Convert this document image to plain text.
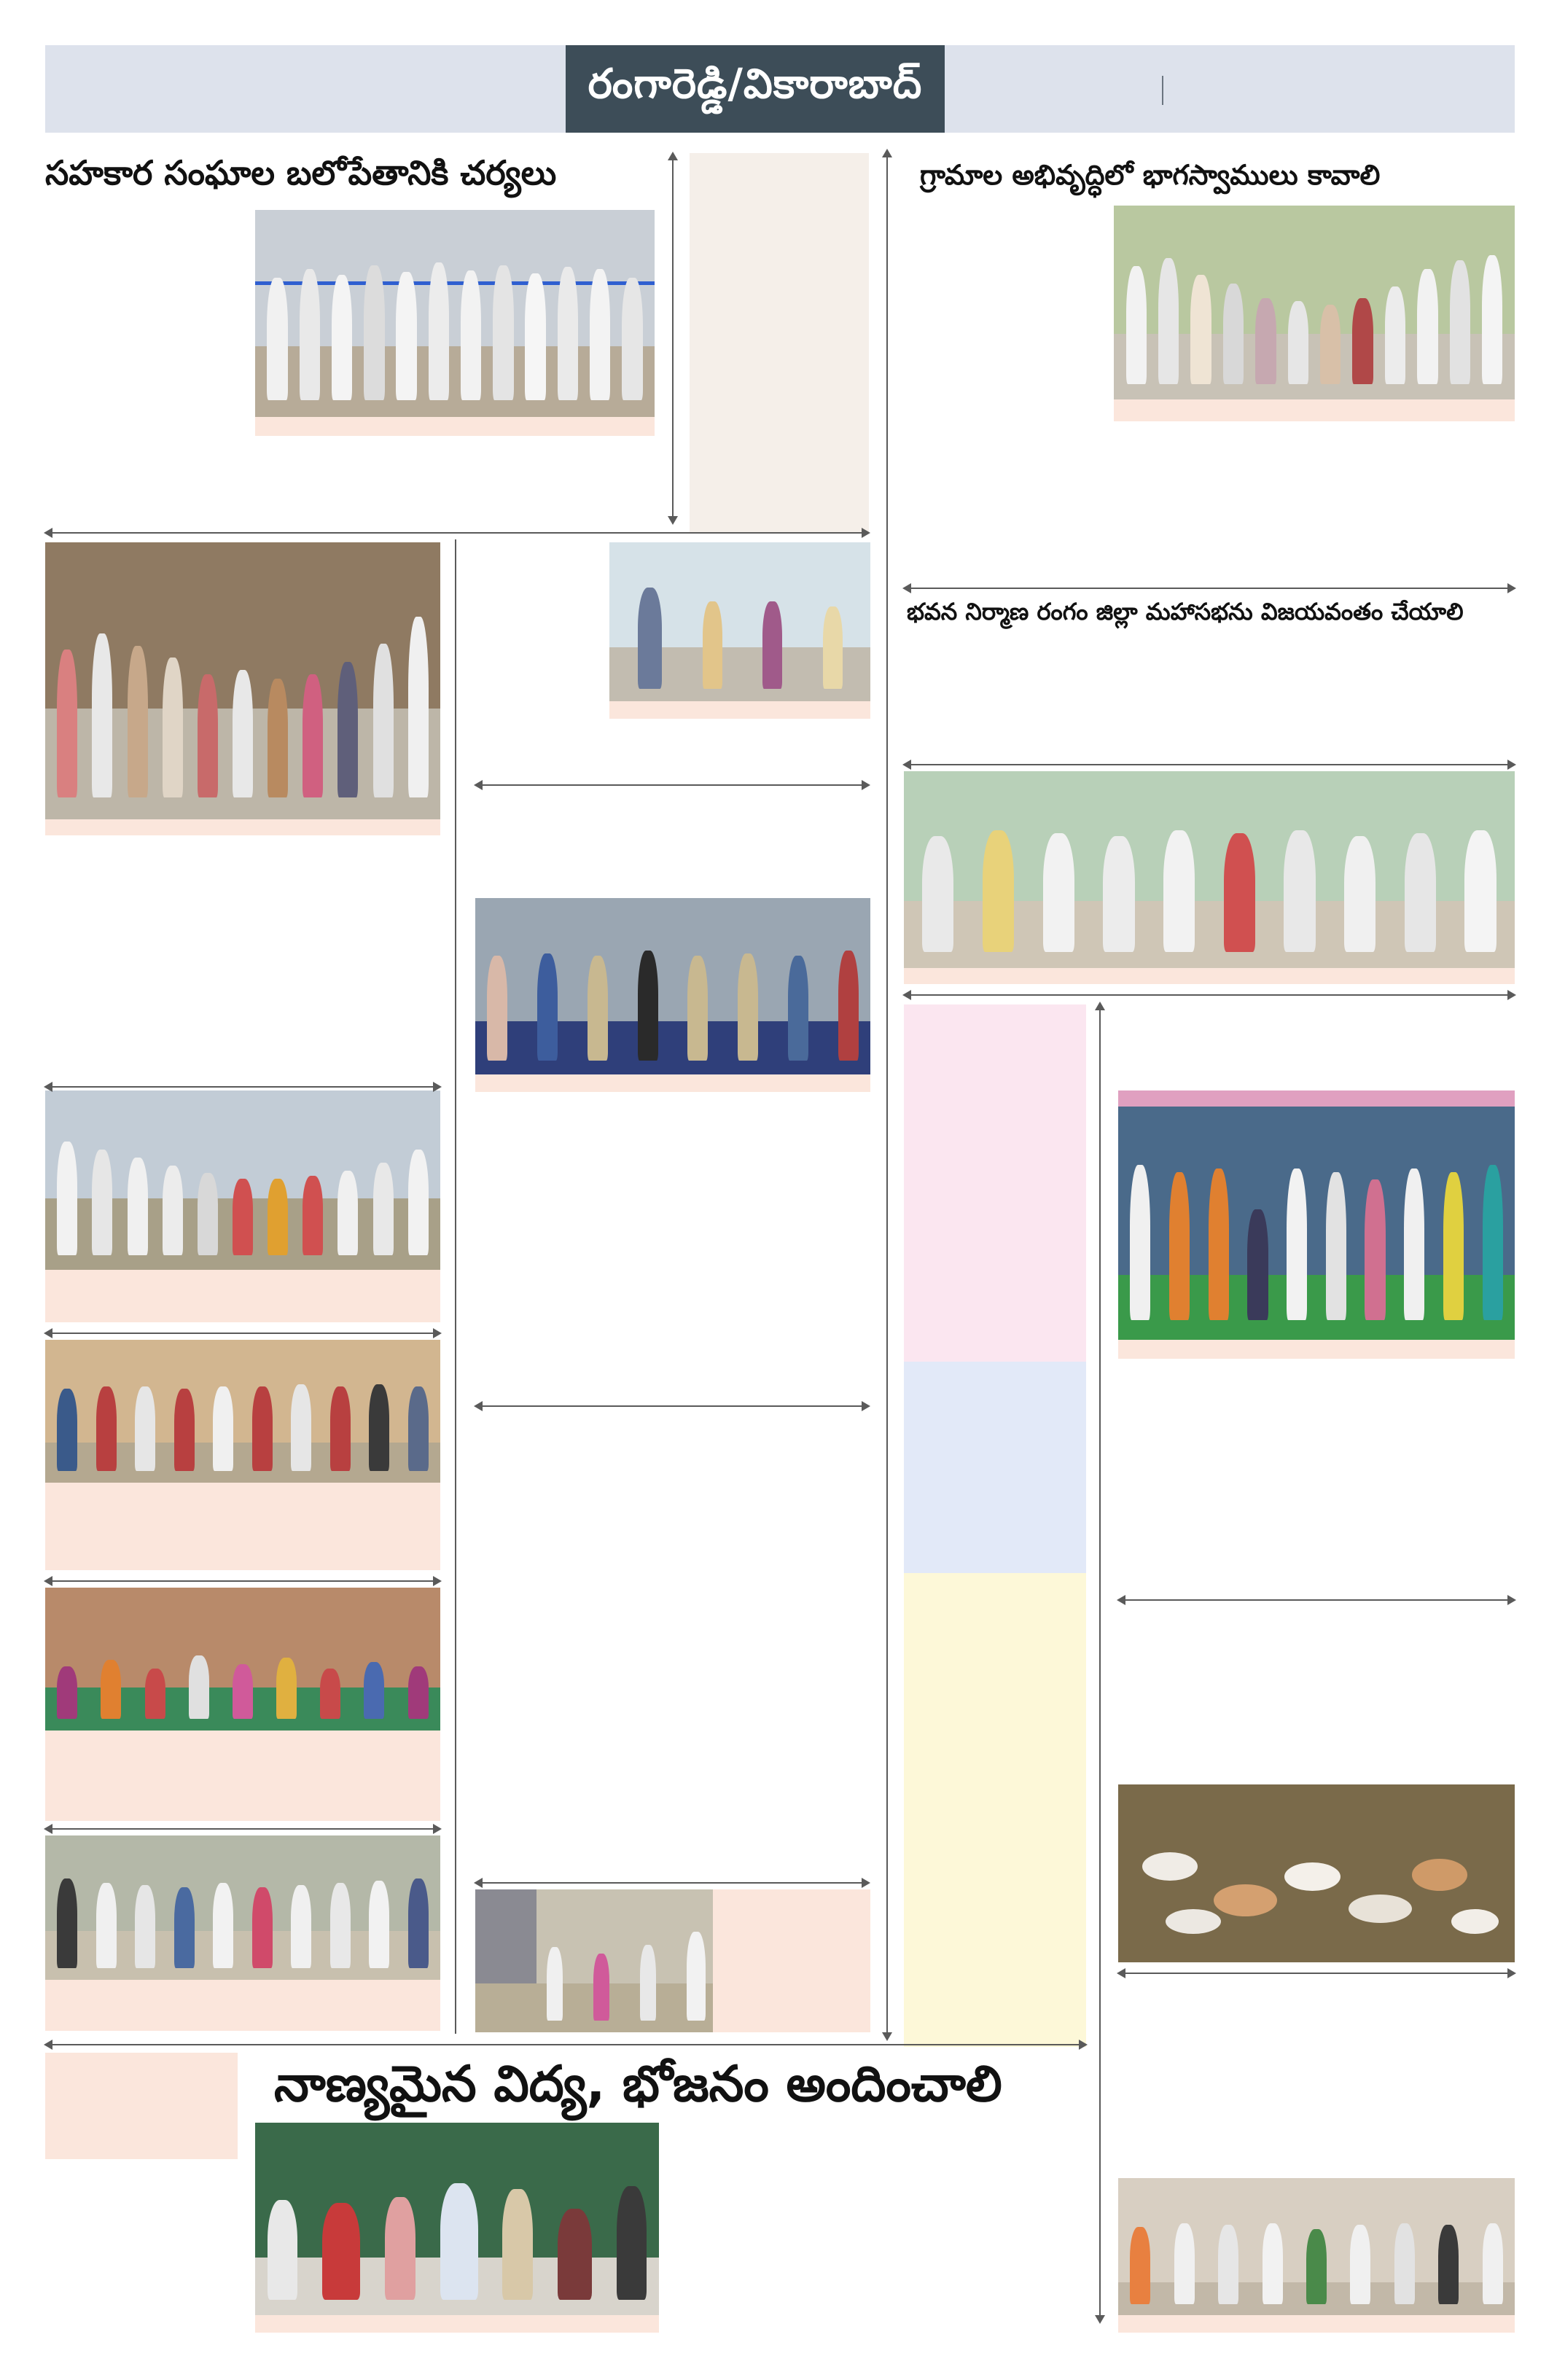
రంగారెడ్డి/వికారాబాద్
సహకార సంఘాల బలోపేతానికి చర్యలు	గ్రామాల అభివృద్ధిలో భాగస్వాములు కావాలి
భవన నిర్మాణ రంగం జిల్లా మహాసభను విజయవంతం చేయాలి
నాణ్యమైన విద్య, భోజనం అందించాలి
